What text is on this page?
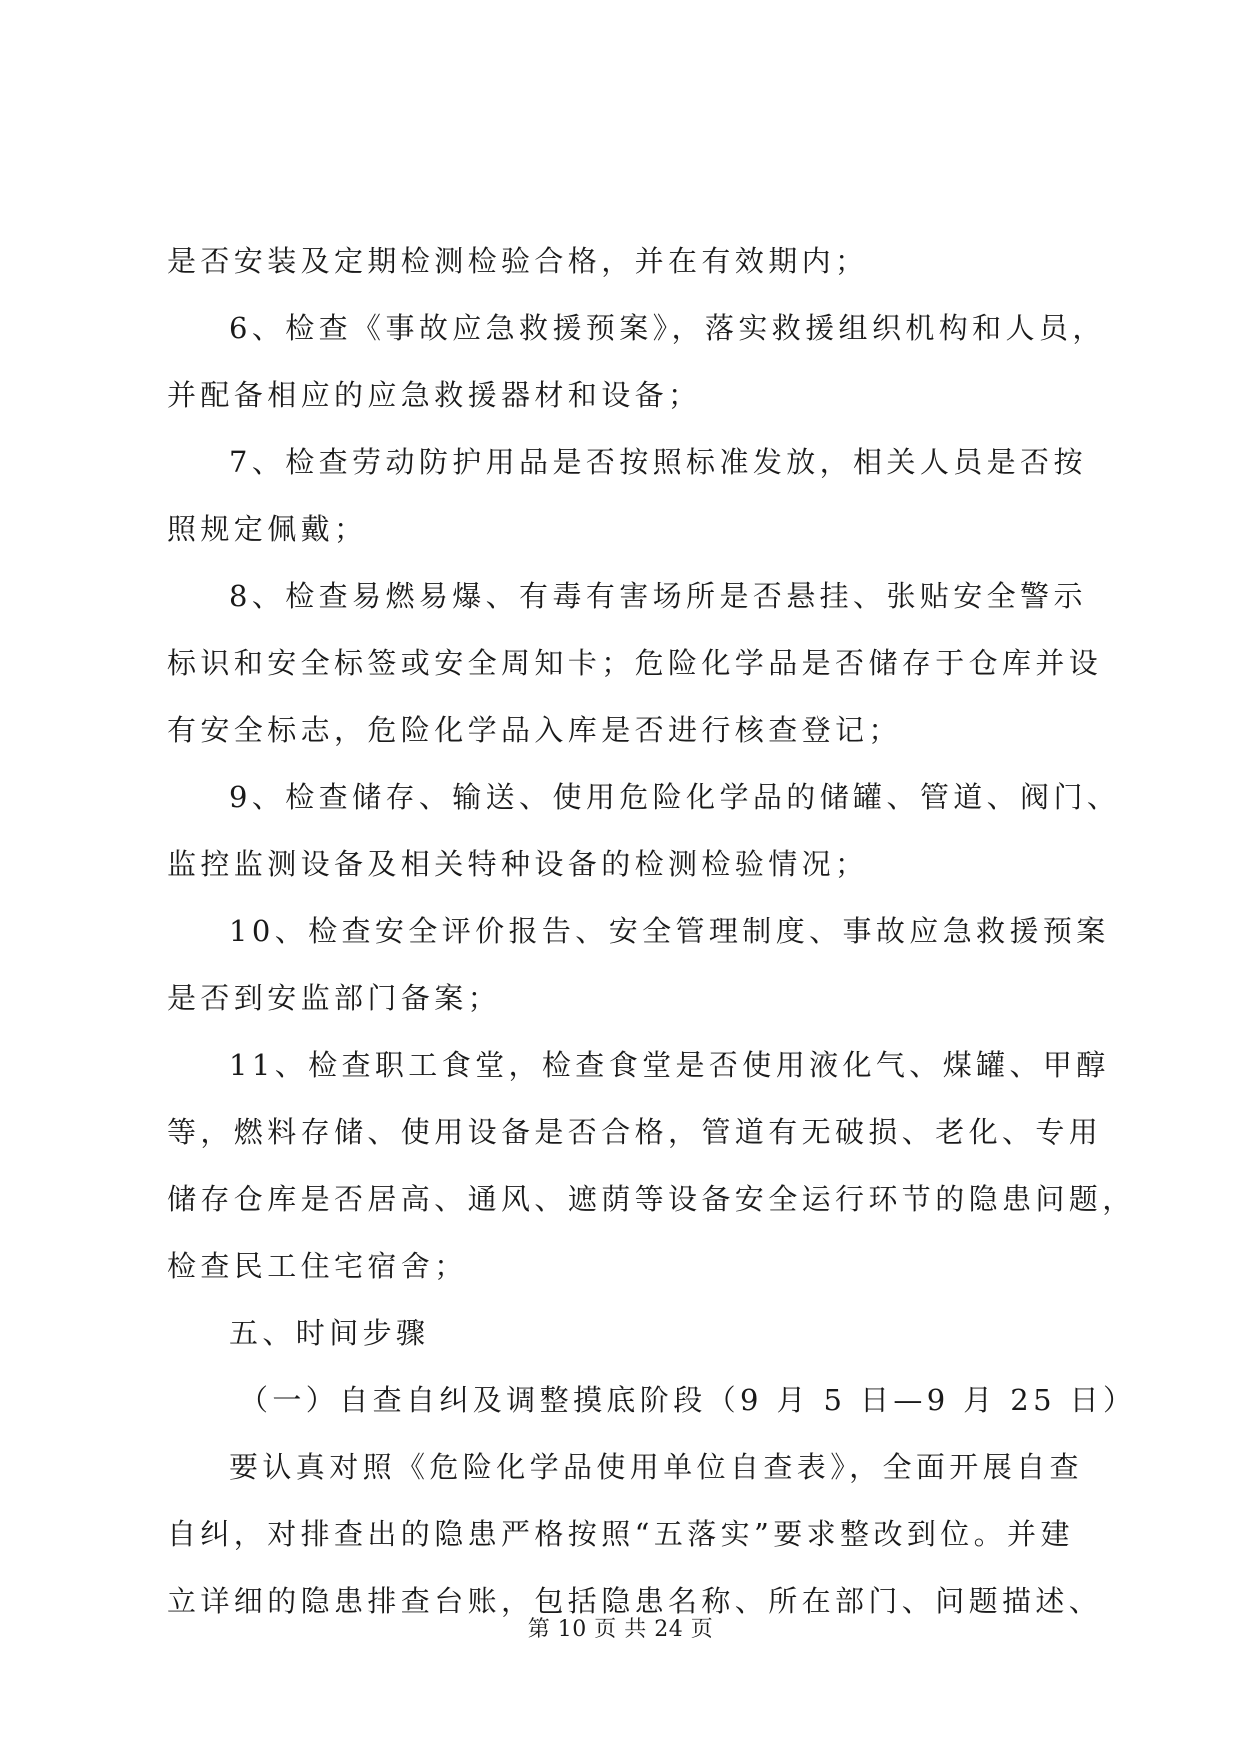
是否安装及定期检测检验合格，并在有效期内；
6、检查《事故应急救援预案》，落实救援组织机构和人员，
并配备相应的应急救援器材和设备；
7、检查劳动防护用品是否按照标准发放，相关人员是否按
照规定佩戴；
8、检查易燃易爆、有毒有害场所是否悬挂、张贴安全警示
标识和安全标签或安全周知卡；危险化学品是否储存于仓库并设
有安全标志，危险化学品入库是否进行核查登记；
9、检查储存、输送、使用危险化学品的储罐、管道、阀门、
监控监测设备及相关特种设备的检测检验情况；
10、检查安全评价报告、安全管理制度、事故应急救援预案
是否到安监部门备案；
11、检查职工食堂，检查食堂是否使用液化气、煤罐、甲醇
等，燃料存储、使用设备是否合格，管道有无破损、老化、专用
储存仓库是否居高、通风、遮荫等设备安全运行环节的隐患问题，
检查民工住宅宿舍；
五、时间步骤
（一）自查自纠及调整摸底阶段（9 月 5 日—9 月 25 日）
要认真对照《危险化学品使用单位自查表》，全面开展自查
自纠，对排查出的隐患严格按照“五落实”要求整改到位。并建
立详细的隐患排查台账，包括隐患名称、所在部门、问题描述、
第 10 页 共 24 页
